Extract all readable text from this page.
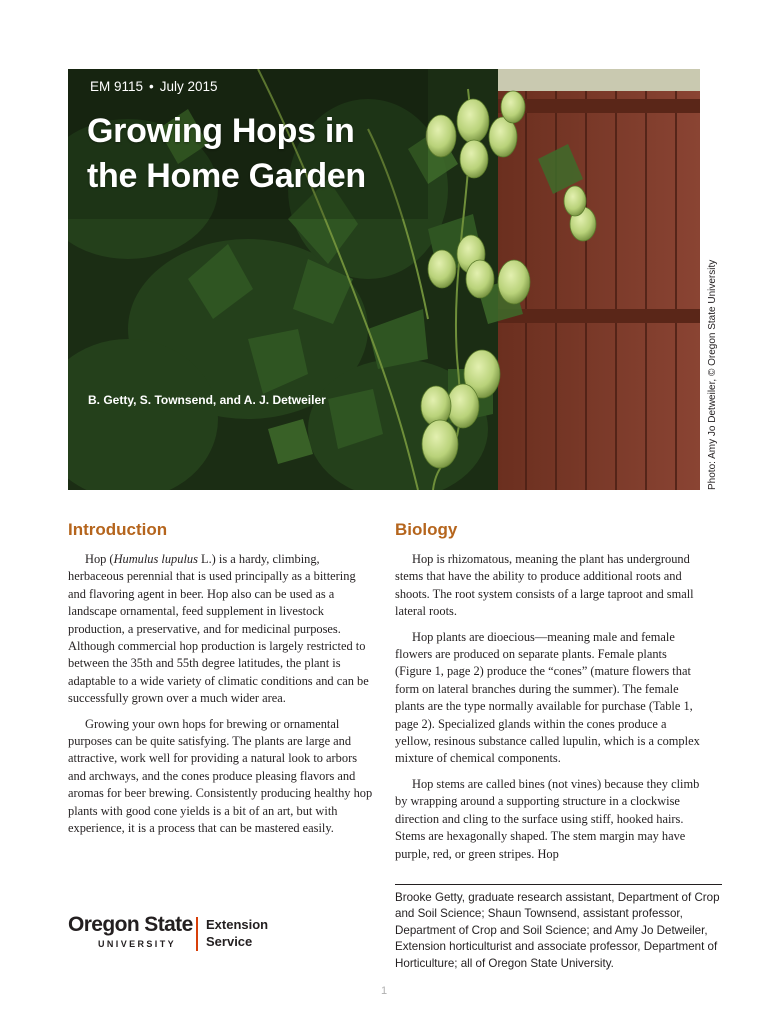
EM 9115 • July 2015
Growing Hops in
the Home Garden
B. Getty, S. Townsend, and A. J. Detweiler	Photo: Amy Jo Detweiler, © Oregon State University
Introduction

Hop (Humulus lupulus L.) is a hardy, climbing, herbaceous perennial that is used principally as a bittering and flavoring agent in beer. Hop also can be used as a landscape ornamental, feed supplement in livestock production, a preservative, and for medicinal purposes. Although commercial hop production is largely restricted to between the 35th and 55th degree latitudes, the plant is adaptable to a wide variety of climatic conditions and can be successfully grown over a much wider area.

Growing your own hops for brewing or ornamental purposes can be quite satisfying. The plants are large and attractive, work well for providing a natural look to arbors and archways, and the cones produce pleasing flavors and aromas for beer brewing. Consistently producing healthy hop plants with good cone yields is a bit of an art, but with experience, it is a process that can be mastered easily.

Biology

Hop is rhizomatous, meaning the plant has underground stems that have the ability to produce additional roots and shoots. The root system consists of a large taproot and small lateral roots.

Hop plants are dioecious—meaning male and female flowers are produced on separate plants. Female plants (Figure 1, page 2) produce the “cones” (mature flowers that form on lateral branches during the summer). The female plants are the type normally available for purchase (Table 1, page 2). Specialized glands within the cones produce a yellow, resinous substance called lupulin, which is a complex mixture of chemical components.

Hop stems are called bines (not vines) because they climb by wrapping around a supporting structure in a clockwise direction and cling to the surface using stiff, hooked hairs. Stems are hexagonally shaped. The stem margin may have purple, red, or green stripes. Hop

Brooke Getty, graduate research assistant, Department of Crop and Soil Science; Shaun Townsend, assistant professor, Department of Crop and Soil Science; and Amy Jo Detweiler, Extension horticulturist and associate professor, Department of Horticulture; all of Oregon State University.

Oregon State
UNIVERSITY
Extension
Service
1
